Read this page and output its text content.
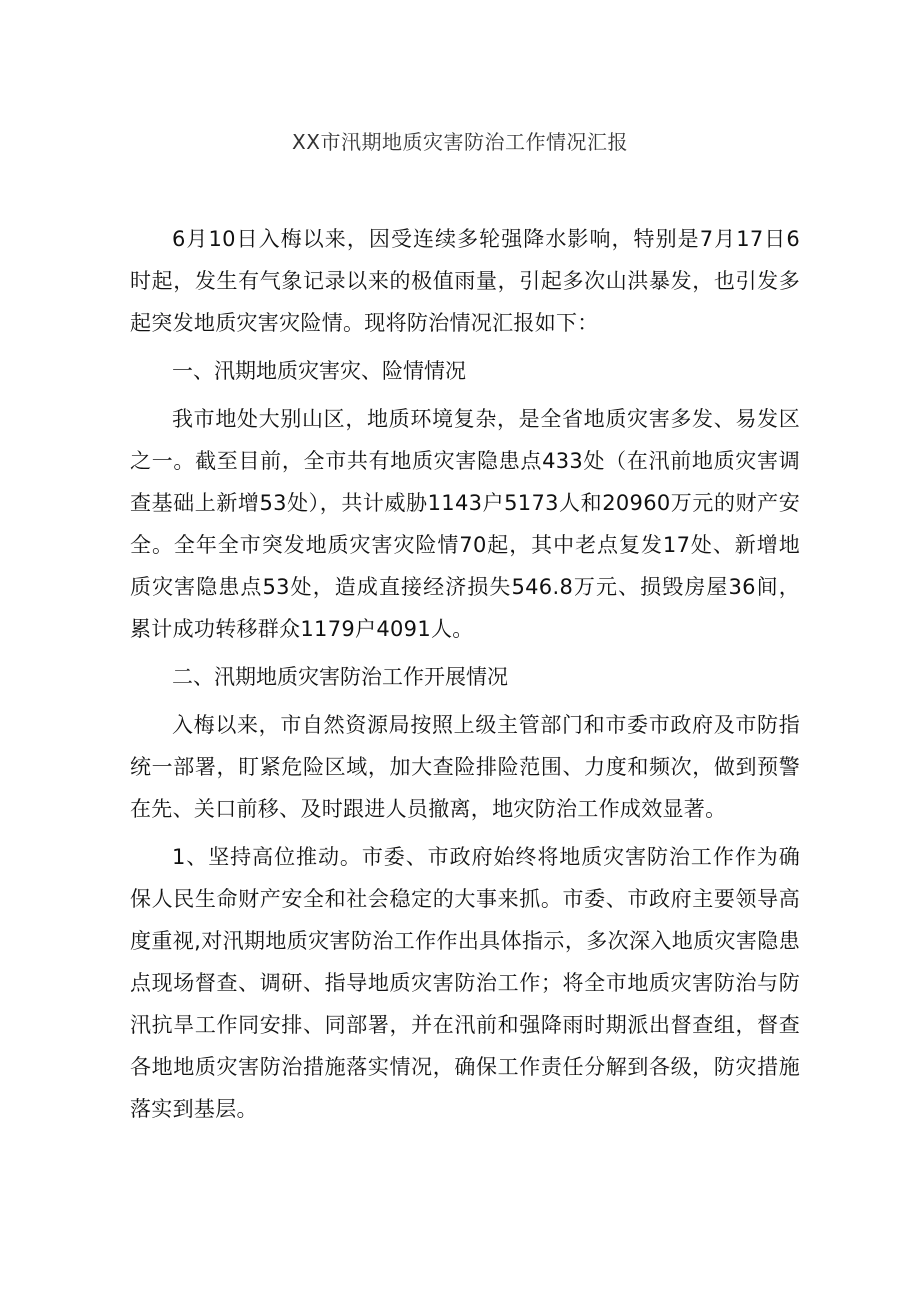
XX市汛期地质灾害防治工作情况汇报

6月10日入梅以来，因受连续多轮强降水影响，特别是7月17日6时起，发生有气象记录以来的极值雨量，引起多次山洪暴发，也引发多起突发地质灾害灾险情。现将防治情况汇报如下：

一、汛期地质灾害灾、险情情况

我市地处大别山区，地质环境复杂，是全省地质灾害多发、易发区之一。截至目前，全市共有地质灾害隐患点433处（在汛前地质灾害调查基础上新增53处），共计威胁1143户5173人和20960万元的财产安全。全年全市突发地质灾害灾险情70起，其中老点复发17处、新增地质灾害隐患点53处，造成直接经济损失546.8万元、损毁房屋36间，累计成功转移群众1179户4091人。

二、汛期地质灾害防治工作开展情况

入梅以来，市自然资源局按照上级主管部门和市委市政府及市防指统一部署，盯紧危险区域，加大查险排险范围、力度和频次，做到预警在先、关口前移、及时跟进人员撤离，地灾防治工作成效显著。

1、坚持高位推动。市委、市政府始终将地质灾害防治工作作为确保人民生命财产安全和社会稳定的大事来抓。市委、市政府主要领导高度重视,对汛期地质灾害防治工作作出具体指示，多次深入地质灾害隐患点现场督查、调研、指导地质灾害防治工作；将全市地质灾害防治与防汛抗旱工作同安排、同部署，并在汛前和强降雨时期派出督查组，督查各地地质灾害防治措施落实情况，确保工作责任分解到各级，防灾措施落实到基层。
